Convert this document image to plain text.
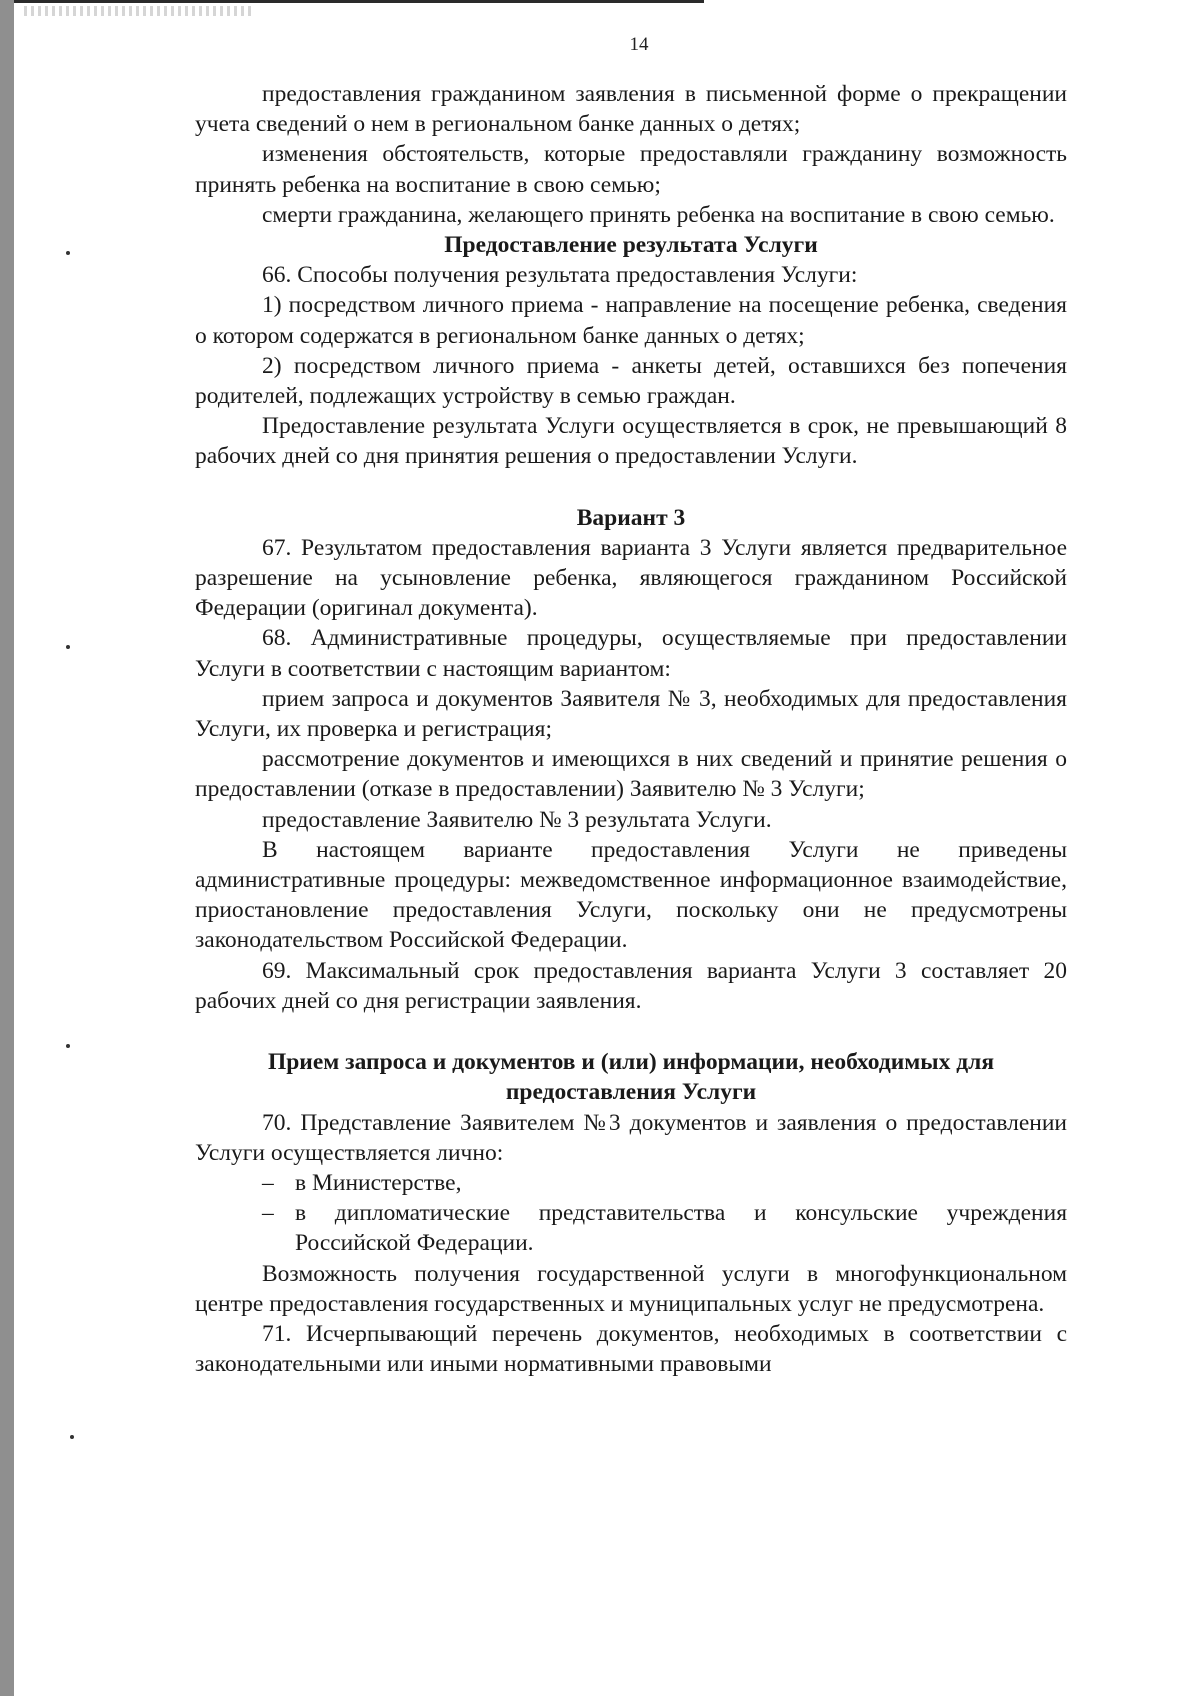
14

предоставления гражданином заявления в письменной форме о прекращении учета сведений о нем в региональном банке данных о детях;

изменения обстоятельств, которые предоставляли гражданину возможность принять ребенка на воспитание в свою семью;

смерти гражданина, желающего принять ребенка на воспитание в свою семью.

Предоставление результата Услуги

66. Способы получения результата предоставления Услуги:

1) посредством личного приема - направление на посещение ребенка, сведения о котором содержатся в региональном банке данных о детях;

2) посредством личного приема - анкеты детей, оставшихся без попечения родителей, подлежащих устройству в семью граждан.

Предоставление результата Услуги осуществляется в срок, не превышающий 8 рабочих дней со дня принятия решения о предоставлении Услуги.

Вариант 3

67. Результатом предоставления варианта 3 Услуги является предварительное разрешение на усыновление ребенка, являющегося гражданином Российской Федерации (оригинал документа).

68. Административные процедуры, осуществляемые при предоставлении Услуги в соответствии с настоящим вариантом:

прием запроса и документов Заявителя № 3, необходимых для предоставления Услуги, их проверка и регистрация;

рассмотрение документов и имеющихся в них сведений и принятие решения о предоставлении (отказе в предоставлении) Заявителю № 3 Услуги;

предоставление Заявителю № 3 результата Услуги.

В настоящем варианте предоставления Услуги не приведены административные процедуры: межведомственное информационное взаимодействие, приостановление предоставления Услуги, поскольку они не предусмотрены законодательством Российской Федерации.

69. Максимальный срок предоставления варианта Услуги 3 составляет 20 рабочих дней со дня регистрации заявления.

Прием запроса и документов и (или) информации, необходимых для предоставления Услуги

70. Представление Заявителем №3 документов и заявления о предоставлении Услуги осуществляется лично:

– в Министерстве,

– в дипломатические представительства и консульские учреждения Российской Федерации.

Возможность получения государственной услуги в многофункциональном центре предоставления государственных и муниципальных услуг не предусмотрена.

71. Исчерпывающий перечень документов, необходимых в соответствии с законодательными или иными нормативными правовыми
